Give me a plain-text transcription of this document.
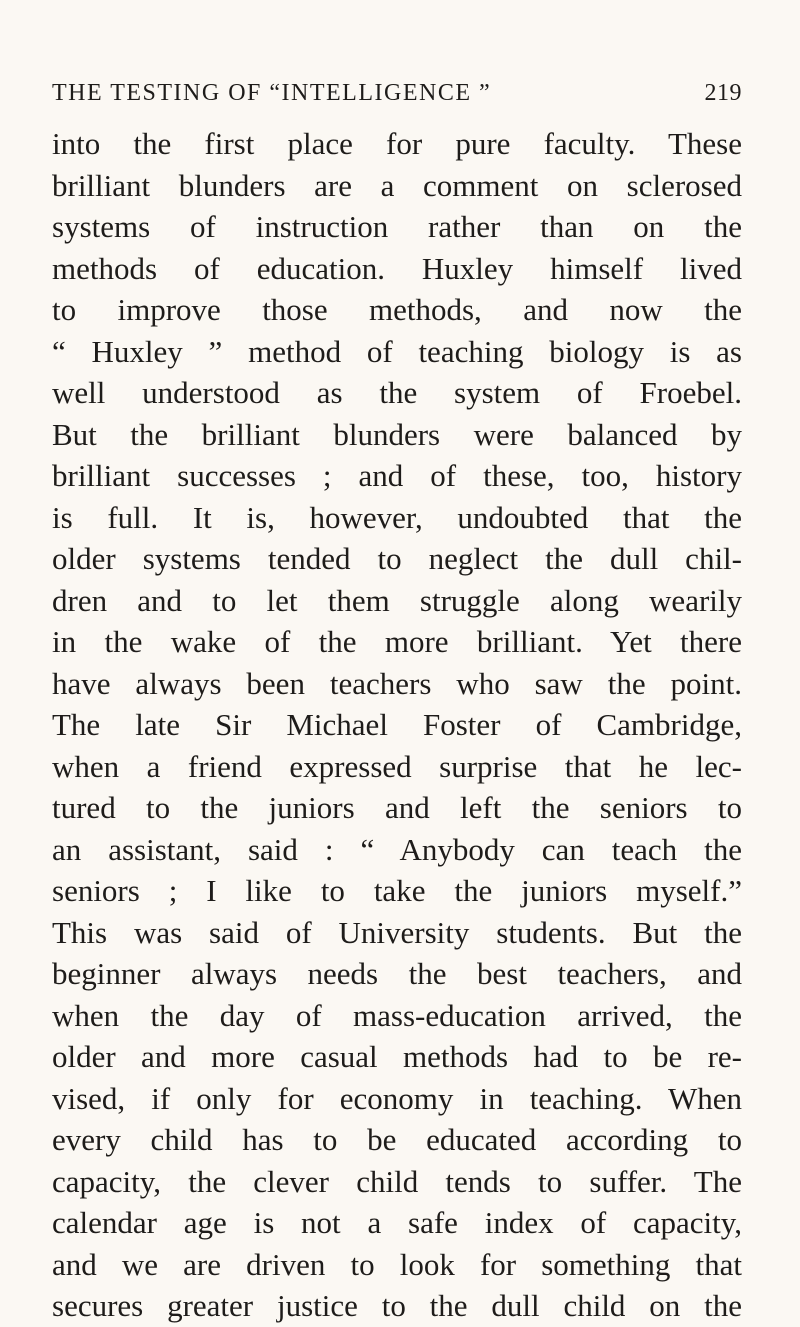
THE TESTING OF “INTELLIGENCE ”	219
into the first place for pure faculty. These
brilliant blunders are a comment on sclerosed
systems of instruction rather than on the
methods of education. Huxley himself lived
to improve those methods, and now the
“ Huxley ” method of teaching biology is as
well understood as the system of Froebel.
But the brilliant blunders were balanced by
brilliant successes ; and of these, too, history
is full. It is, however, undoubted that the
older systems tended to neglect the dull chil-
dren and to let them struggle along wearily
in the wake of the more brilliant. Yet there
have always been teachers who saw the point.
The late Sir Michael Foster of Cambridge,
when a friend expressed surprise that he lec-
tured to the juniors and left the seniors to
an assistant, said : “ Anybody can teach the
seniors ; I like to take the juniors myself.”
This was said of University students. But the
beginner always needs the best teachers, and
when the day of mass-education arrived, the
older and more casual methods had to be re-
vised, if only for economy in teaching. When
every child has to be educated according to
capacity, the clever child tends to suffer. The
calendar age is not a safe index of capacity,
and we are driven to look for something that
secures greater justice to the dull child on the
